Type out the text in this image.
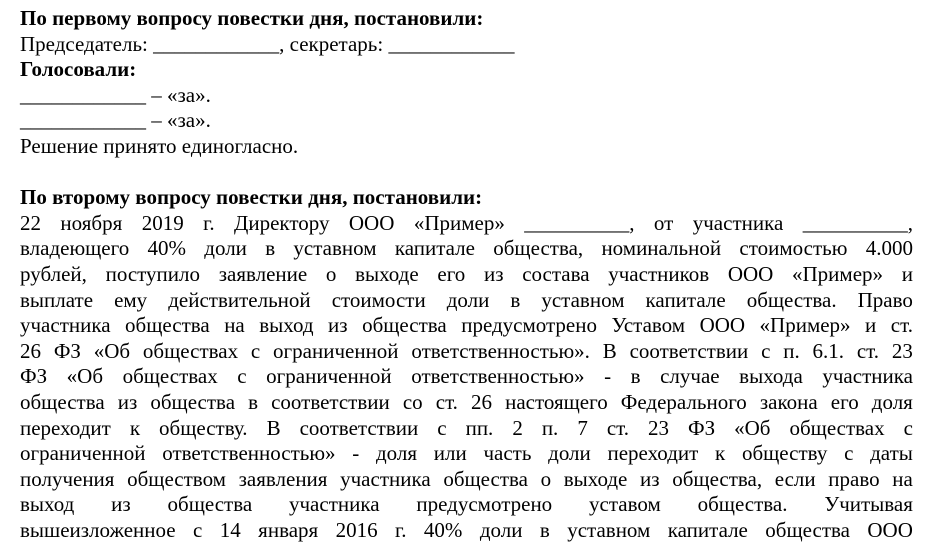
По первому вопросу повестки дня, постановили:
Председатель: ____________, секретарь: ____________
Голосовали:
____________ – «за».
____________ – «за».
Решение принято единогласно.
По второму вопросу повестки дня, постановили:
22 ноября 2019 г. Директору ООО «Пример» __________, от участника __________,
владеющего 40% доли в уставном капитале общества, номинальной стоимостью 4.000
рублей, поступило заявление о выходе его из состава участников ООО «Пример» и
выплате ему действительной стоимости доли в уставном капитале общества. Право
участника общества на выход из общества предусмотрено Уставом ООО «Пример» и ст.
26 ФЗ «Об обществах с ограниченной ответственностью». В соответствии с п. 6.1. ст. 23
ФЗ «Об обществах с ограниченной ответственностью» - в случае выхода участника
общества из общества в соответствии со ст. 26 настоящего Федерального закона его доля
переходит к обществу. В соответствии с пп. 2 п. 7 ст. 23 ФЗ «Об обществах с
ограниченной ответственностью» - доля или часть доли переходит к обществу с даты
получения обществом заявления участника общества о выходе из общества, если право на
выход из общества участника предусмотрено уставом общества. Учитывая
вышеизложенное с 14 января 2016 г. 40% доли в уставном капитале общества ООО
